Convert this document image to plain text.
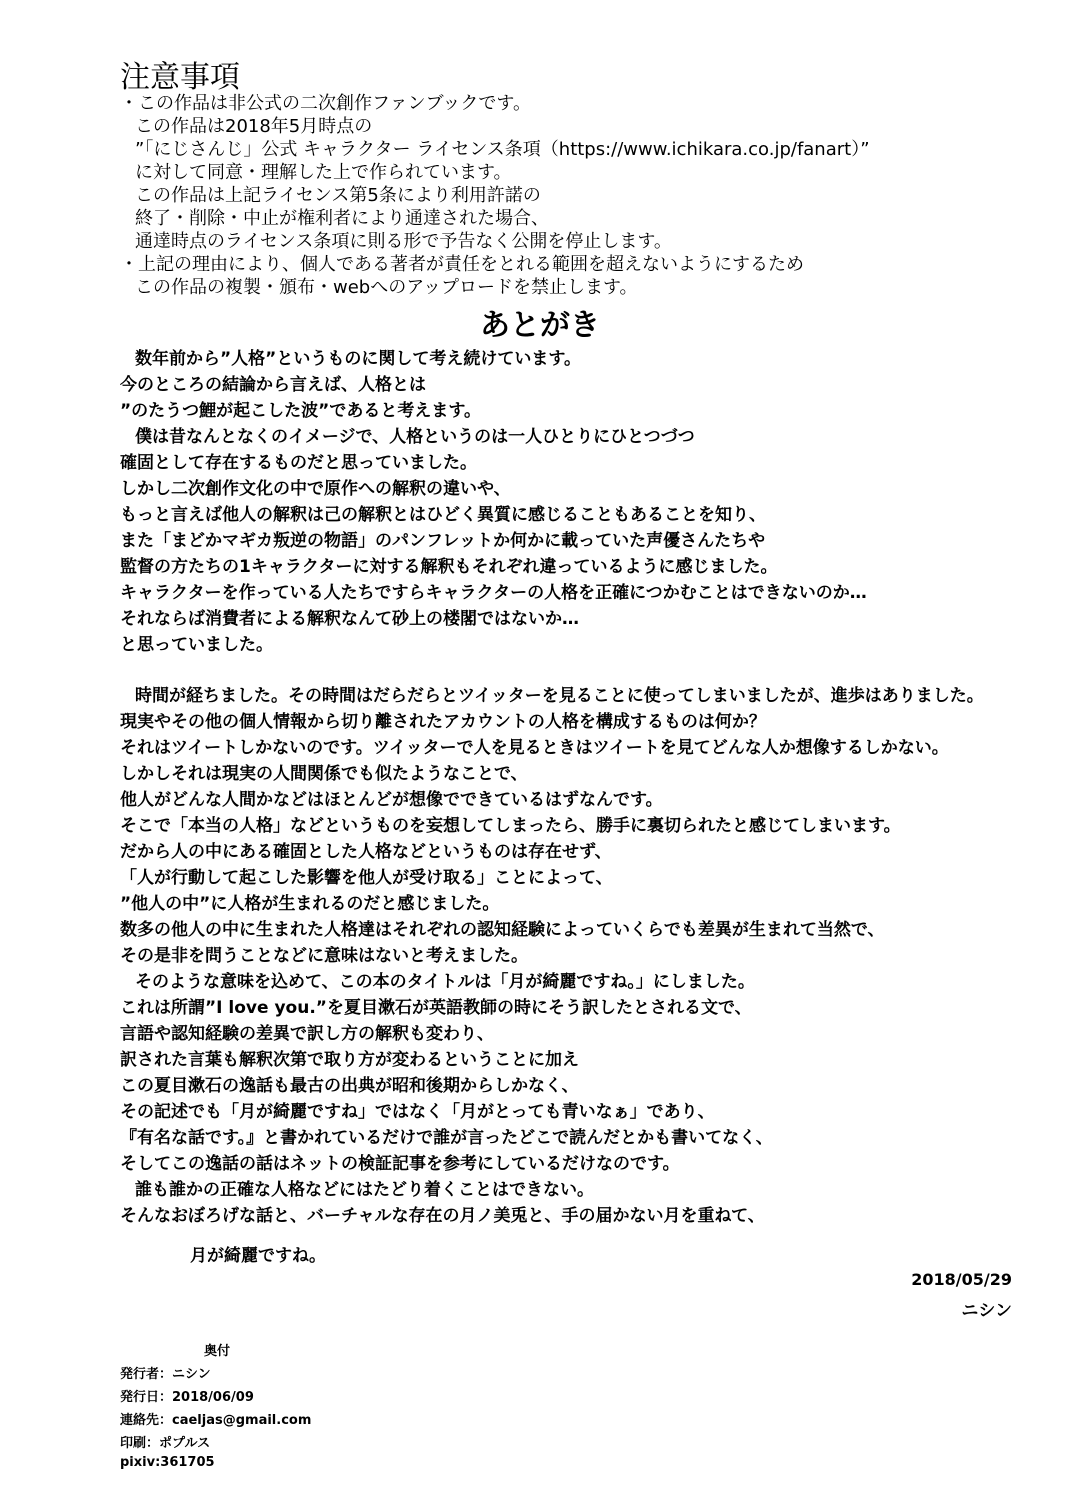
注意事項
・この作品は非公式の二次創作ファンブックです。
この作品は2018年5月時点の
”「にじさんじ」公式 キャラクター ライセンス条項（https://www.ichikara.co.jp/fanart）”
に対して同意・理解した上で作られています。
この作品は上記ライセンス第5条により利用許諾の
終了・削除・中止が権利者により通達された場合、
通達時点のライセンス条項に則る形で予告なく公開を停止します。
・上記の理由により、個人である著者が責任をとれる範囲を超えないようにするため
この作品の複製・頒布・webへのアップロードを禁止します。
あとがき
数年前から”人格”というものに関して考え続けています。
今のところの結論から言えば、人格とは
”のたうつ鯉が起こした波”であると考えます。
僕は昔なんとなくのイメージで、人格というのは一人ひとりにひとつづつ
確固として存在するものだと思っていました。
しかし二次創作文化の中で原作への解釈の違いや、
もっと言えば他人の解釈は己の解釈とはひどく異質に感じることもあることを知り、
また「まどかマギカ叛逆の物語」のパンフレットか何かに載っていた声優さんたちや
監督の方たちの1キャラクターに対する解釈もそれぞれ違っているように感じました。
キャラクターを作っている人たちですらキャラクターの人格を正確につかむことはできないのか…
それならば消費者による解釈なんて砂上の楼閣ではないか…
と思っていました。
時間が経ちました。その時間はだらだらとツイッターを見ることに使ってしまいましたが、進歩はありました。
現実やその他の個人情報から切り離されたアカウントの人格を構成するものは何か？
それはツイートしかないのです。ツイッターで人を見るときはツイートを見てどんな人か想像するしかない。
しかしそれは現実の人間関係でも似たようなことで、
他人がどんな人間かなどはほとんどが想像でできているはずなんです。
そこで「本当の人格」などというものを妄想してしまったら、勝手に裏切られたと感じてしまいます。
だから人の中にある確固とした人格などというものは存在せず、
「人が行動して起こした影響を他人が受け取る」ことによって、
”他人の中”に人格が生まれるのだと感じました。
数多の他人の中に生まれた人格達はそれぞれの認知経験によっていくらでも差異が生まれて当然で、
その是非を問うことなどに意味はないと考えました。
そのような意味を込めて、この本のタイトルは「月が綺麗ですね。」にしました。
これは所謂”I love you.”を夏目漱石が英語教師の時にそう訳したとされる文で、
言語や認知経験の差異で訳し方の解釈も変わり、
訳された言葉も解釈次第で取り方が変わるということに加え
この夏目漱石の逸話も最古の出典が昭和後期からしかなく、
その記述でも「月が綺麗ですね」ではなく「月がとっても青いなぁ」であり、
『有名な話です。』と書かれているだけで誰が言ったどこで読んだとかも書いてなく、
そしてこの逸話の話はネットの検証記事を参考にしているだけなのです。
誰も誰かの正確な人格などにはたどり着くことはできない。
そんなおぼろげな話と、バーチャルな存在の月ノ美兎と、手の届かない月を重ねて、
月が綺麗ですね。
2018/05/29
ニシン
奥付
発行者：ニシン
発行日：2018/06/09
連絡先：caeljas@gmail.com
印刷：ポプルス
pixiv:361705
